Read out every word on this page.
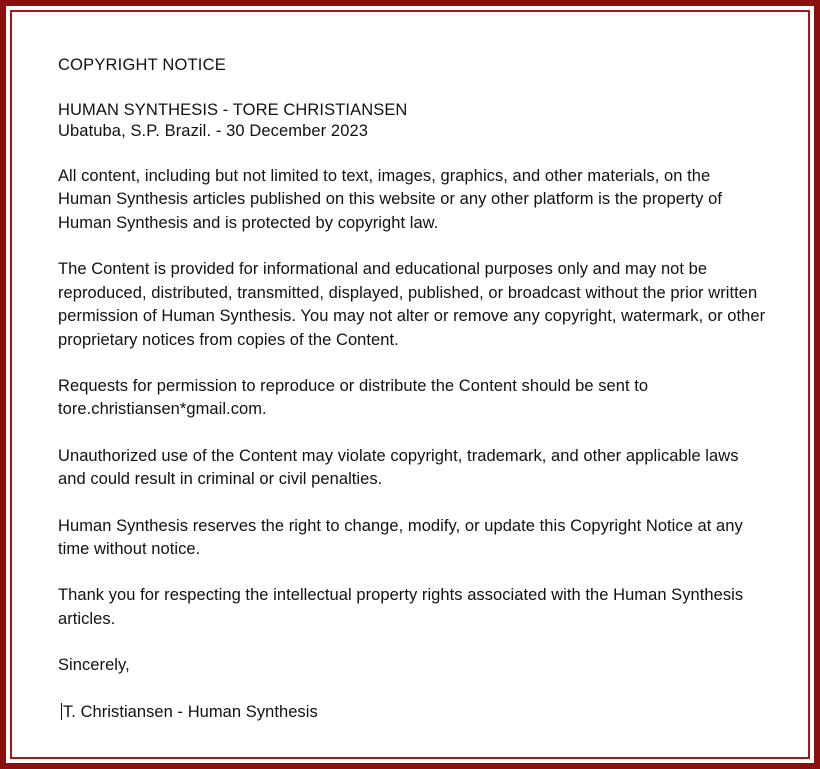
COPYRIGHT NOTICE
HUMAN SYNTHESIS - TORE CHRISTIANSEN
Ubatuba, S.P. Brazil. - 30 December 2023

All content, including but not limited to text, images, graphics, and other materials, on the Human Synthesis articles published on this website or any other platform is the property of Human Synthesis and is protected by copyright law.

The Content is provided for informational and educational purposes only and may not be reproduced, distributed, transmitted, displayed, published, or broadcast without the prior written permission of Human Synthesis. You may not alter or remove any copyright, watermark, or other proprietary notices from copies of the Content.

Requests for permission to reproduce or distribute the Content should be sent to tore.christiansen*gmail.com.

Unauthorized use of the Content may violate copyright, trademark, and other applicable laws and could result in criminal or civil penalties.

Human Synthesis reserves the right to change, modify, or update this Copyright Notice at any time without notice.

Thank you for respecting the intellectual property rights associated with the Human Synthesis articles.

Sincerely,

T. Christiansen - Human Synthesis
